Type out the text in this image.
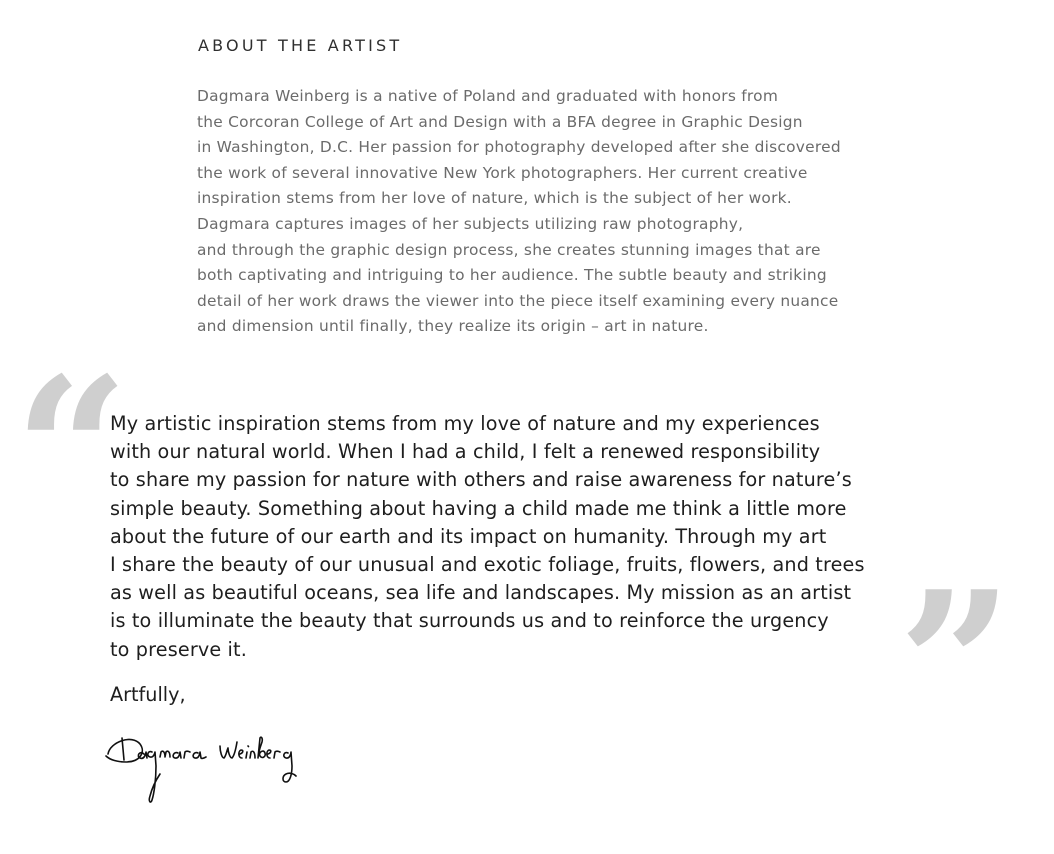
ABOUT THE ARTIST
Dagmara Weinberg is a native of Poland and graduated with honors from
the Corcoran College of Art and Design with a BFA degree in Graphic Design
in Washington, D.C. Her passion for photography developed after she discovered
the work of several innovative New York photographers. Her current creative
inspiration stems from her love of nature, which is the subject of her work.
Dagmara captures images of her subjects utilizing raw photography,
and through the graphic design process, she creates stunning images that are
both captivating and intriguing to her audience. The subtle beauty and striking
detail of her work draws the viewer into the piece itself examining every nuance
and dimension until finally, they realize its origin – art in nature.
“
My artistic inspiration stems from my love of nature and my experiences
with our natural world. When I had a child, I felt a renewed responsibility
to share my passion for nature with others and raise awareness for nature’s
simple beauty. Something about having a child made me think a little more
about the future of our earth and its impact on humanity. Through my art
I share the beauty of our unusual and exotic foliage, fruits, flowers, and trees
as well as beautiful oceans, sea life and landscapes. My mission as an artist
is to illuminate the beauty that surrounds us and to reinforce the urgency
to preserve it.	”
Artfully,
